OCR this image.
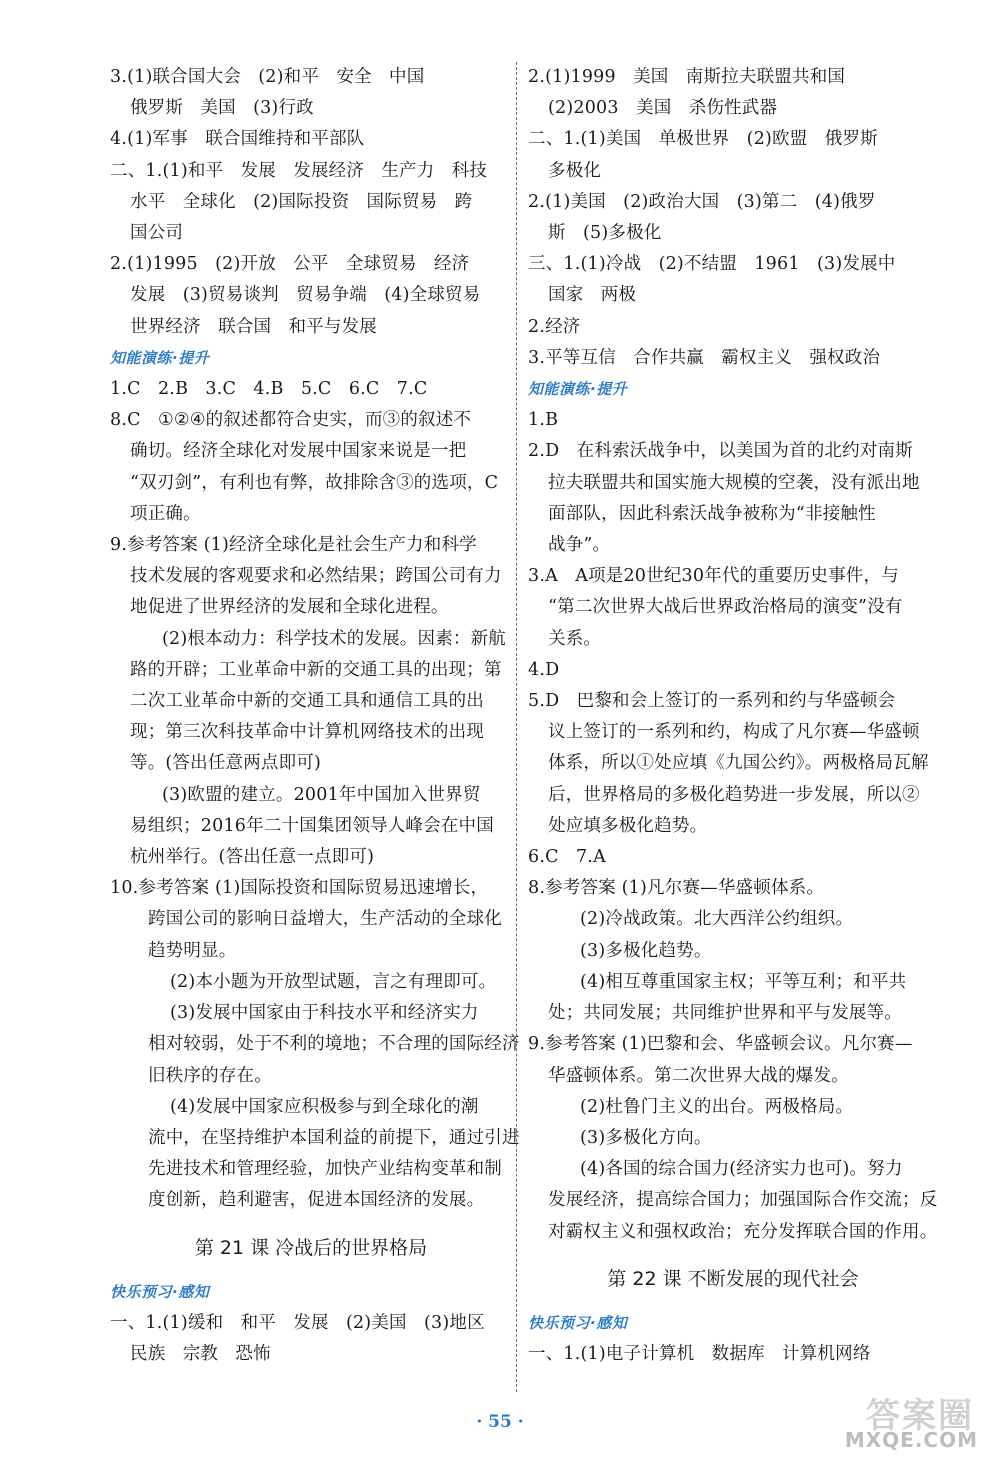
3.(1)联合国大会   (2)和平   安全   中国
俄罗斯   美国   (3)行政
4.(1)军事   联合国维持和平部队
二、1.(1)和平   发展   发展经济   生产力   科技
水平   全球化   (2)国际投资   国际贸易   跨
国公司
2.(1)1995   (2)开放   公平   全球贸易   经济
发展   (3)贸易谈判   贸易争端   (4)全球贸易
世界经济   联合国   和平与发展
知能演练·提升
1.C   2.B   3.C   4.B   5.C   6.C   7.C
8.C   ①②④的叙述都符合史实，而③的叙述不
确切。经济全球化对发展中国家来说是一把
“双刃剑”，有利也有弊，故排除含③的选项，C
项正确。
9.参考答案 (1)经济全球化是社会生产力和科学
技术发展的客观要求和必然结果；跨国公司有力
地促进了世界经济的发展和全球化进程。
(2)根本动力：科学技术的发展。因素：新航
路的开辟；工业革命中新的交通工具的出现；第
二次工业革命中新的交通工具和通信工具的出
现；第三次科技革命中计算机网络技术的出现
等。(答出任意两点即可)
(3)欧盟的建立。2001年中国加入世界贸
易组织；2016年二十国集团领导人峰会在中国
杭州举行。(答出任意一点即可)
10.参考答案 (1)国际投资和国际贸易迅速增长，
跨国公司的影响日益增大，生产活动的全球化
趋势明显。
(2)本小题为开放型试题，言之有理即可。
(3)发展中国家由于科技水平和经济实力
相对较弱，处于不利的境地；不合理的国际经济
旧秩序的存在。
(4)发展中国家应积极参与到全球化的潮
流中，在坚持维护本国利益的前提下，通过引进
先进技术和管理经验，加快产业结构变革和制
度创新，趋利避害，促进本国经济的发展。
第 21 课 冷战后的世界格局
快乐预习·感知
一、1.(1)缓和   和平   发展   (2)美国   (3)地区
民族   宗教   恐怖
2.(1)1999   美国   南斯拉夫联盟共和国
(2)2003   美国   杀伤性武器
二、1.(1)美国   单极世界   (2)欧盟   俄罗斯
多极化
2.(1)美国   (2)政治大国   (3)第二   (4)俄罗
斯   (5)多极化
三、1.(1)冷战   (2)不结盟   1961   (3)发展中
国家   两极
2.经济
3.平等互信   合作共赢   霸权主义   强权政治
知能演练·提升
1.B
2.D   在科索沃战争中，以美国为首的北约对南斯
拉夫联盟共和国实施大规模的空袭，没有派出地
面部队，因此科索沃战争被称为“非接触性
战争”。
3.A   A项是20世纪30年代的重要历史事件，与
“第二次世界大战后世界政治格局的演变”没有
关系。
4.D
5.D   巴黎和会上签订的一系列和约与华盛顿会
议上签订的一系列和约，构成了凡尔赛—华盛顿
体系，所以①处应填《九国公约》。两极格局瓦解
后，世界格局的多极化趋势进一步发展，所以②
处应填多极化趋势。
6.C   7.A
8.参考答案 (1)凡尔赛—华盛顿体系。
(2)冷战政策。北大西洋公约组织。
(3)多极化趋势。
(4)相互尊重国家主权；平等互利；和平共
处；共同发展；共同维护世界和平与发展等。
9.参考答案 (1)巴黎和会、华盛顿会议。凡尔赛—
华盛顿体系。第二次世界大战的爆发。
(2)杜鲁门主义的出台。两极格局。
(3)多极化方向。
(4)各国的综合国力(经济实力也可)。努力
发展经济，提高综合国力；加强国际合作交流；反
对霸权主义和强权政治；充分发挥联合国的作用。
第 22 课 不断发展的现代社会
快乐预习·感知
一、1.(1)电子计算机   数据库   计算机网络
· 55 ·	答案圈
MXQE.COM
